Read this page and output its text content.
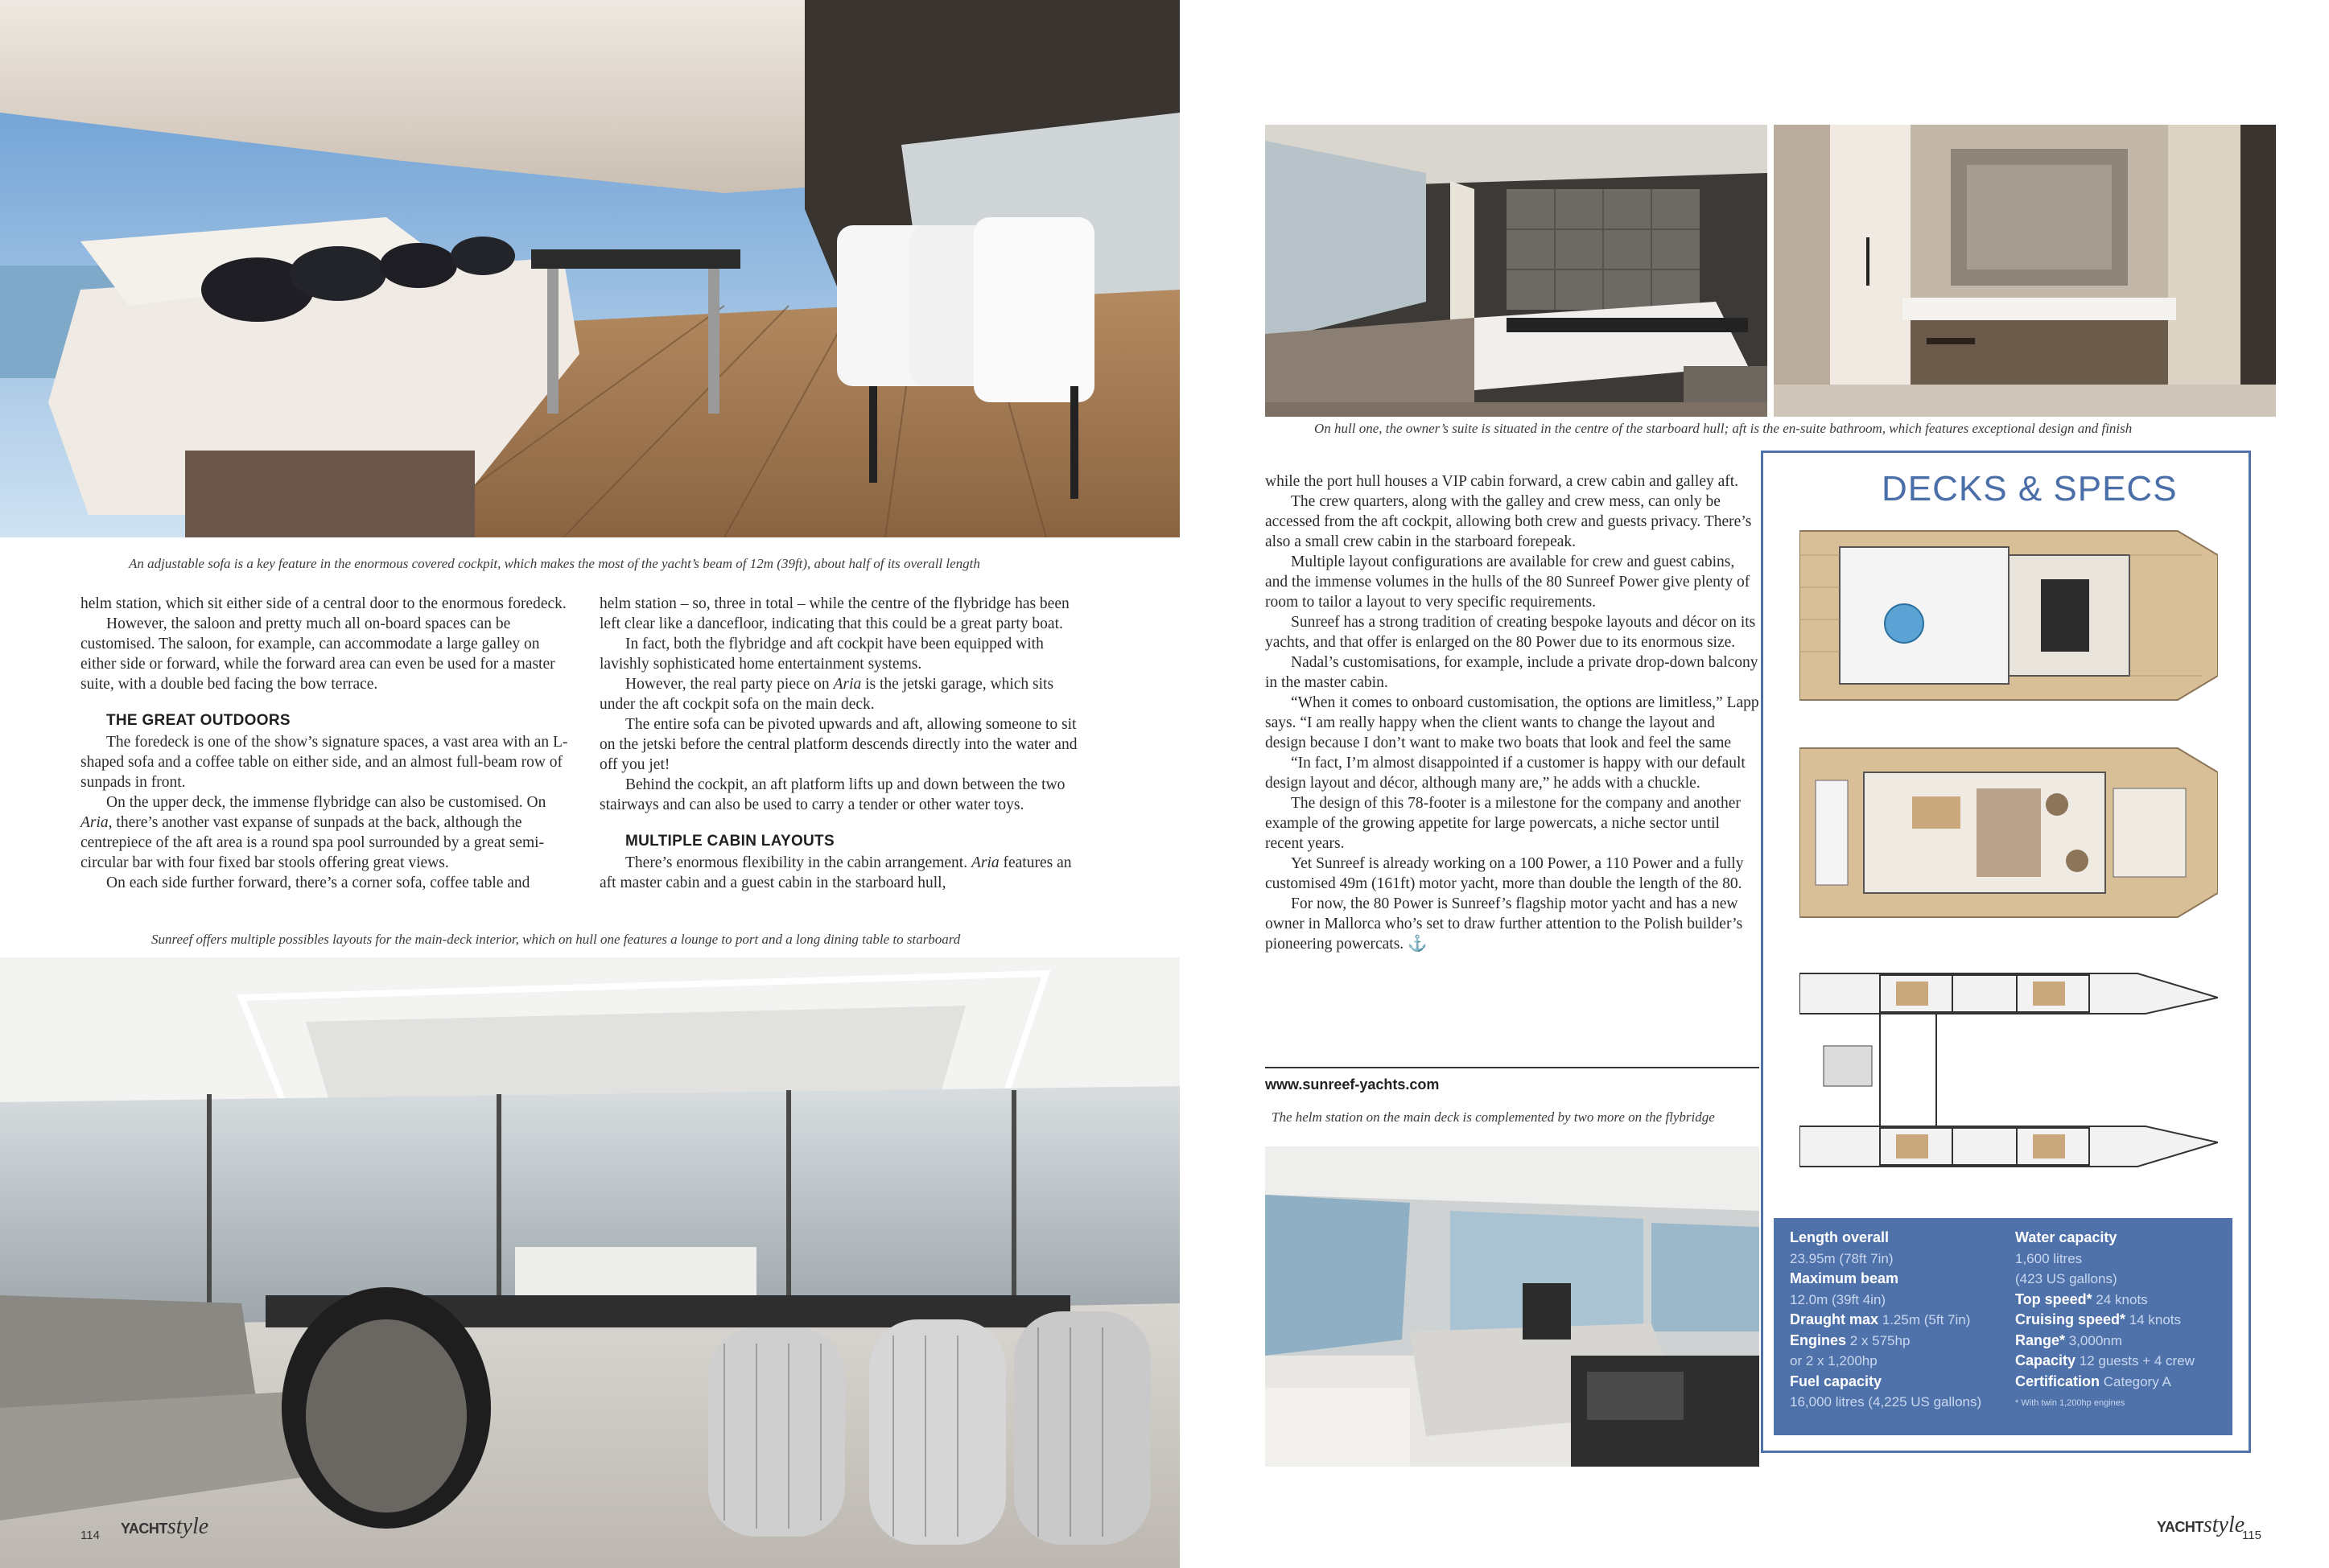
An adjustable sofa is a key feature in the enormous covered cockpit, which makes the most of the yacht’s beam of 12m (39ft), about half of its overall length

helm station, which sit either side of a central door to the enormous foredeck.

However, the saloon and pretty much all on-board spaces can be customised. The saloon, for example, can accommodate a large galley on either side or forward, while the forward area can even be used for a master suite, with a double bed facing the bow terrace.

THE GREAT OUTDOORS

The foredeck is one of the show’s signature spaces, a vast area with an L-shaped sofa and a coffee table on either side, and an almost full-beam row of sunpads in front.

On the upper deck, the immense flybridge can also be customised. On Aria, there’s another vast expanse of sunpads at the back, although the centrepiece of the aft area is a round spa pool surrounded by a great semi-circular bar with four fixed bar stools offering great views.

On each side further forward, there’s a corner sofa, coffee table and

helm station – so, three in total – while the centre of the flybridge has been left clear like a dancefloor, indicating that this could be a great party boat.

In fact, both the flybridge and aft cockpit have been equipped with lavishly sophisticated home entertainment systems.

However, the real party piece on Aria is the jetski garage, which sits under the aft cockpit sofa on the main deck.

The entire sofa can be pivoted upwards and aft, allowing someone to sit on the jetski before the central platform descends directly into the water and off you jet!

Behind the cockpit, an aft platform lifts up and down between the two stairways and can also be used to carry a tender or other water toys.

MULTIPLE CABIN LAYOUTS

There’s enormous flexibility in the cabin arrangement. Aria features an aft master cabin and a guest cabin in the starboard hull,

Sunreef offers multiple possibles layouts for the main-deck interior, which on hull one features a lounge to port and a long dining table to starboard
114 YACHTstyle
On hull one, the owner’s suite is situated in the centre of the starboard hull; aft is the en-suite bathroom, which features exceptional design and finish

while the port hull houses a VIP cabin forward, a crew cabin and galley aft.

The crew quarters, along with the galley and crew mess, can only be accessed from the aft cockpit, allowing both crew and guests privacy. There’s also a small crew cabin in the starboard forepeak.

Multiple layout configurations are available for crew and guest cabins, and the immense volumes in the hulls of the 80 Sunreef Power give plenty of room to tailor a layout to very specific requirements.

Sunreef has a strong tradition of creating bespoke layouts and décor on its yachts, and that offer is enlarged on the 80 Power due to its enormous size.

Nadal’s customisations, for example, include a private drop-down balcony in the master cabin.

“When it comes to onboard customisation, the options are limitless,” Lapp says. “I am really happy when the client wants to change the layout and design because I don’t want to make two boats that look and feel the same

“In fact, I’m almost disappointed if a customer is happy with our default design layout and décor, although many are,” he adds with a chuckle.

The design of this 78-footer is a milestone for the company and another example of the growing appetite for large powercats, a niche sector until recent years.

Yet Sunreef is already working on a 100 Power, a 110 Power and a fully customised 49m (161ft) motor yacht, more than double the length of the 80.

For now, the 80 Power is Sunreef’s flagship motor yacht and has a new owner in Mallorca who’s set to draw further attention to the Polish builder’s pioneering powercats. ⚓

www.sunreef-yachts.com
The helm station on the main deck is complemented by two more on the flybridge
DECKS & SPECS
Length overall
23.95m (78ft 7in)
Maximum beam
12.0m (39ft 4in)
Draught max 1.25m (5ft 7in)
Engines 2 x 575hp
or 2 x 1,200hp
Fuel capacity
16,000 litres (4,225 US gallons)
Water capacity
1,600 litres
(423 US gallons)
Top speed* 24 knots
Cruising speed* 14 knots
Range* 3,000nm
Capacity 12 guests + 4 crew
Certification Category A
* With twin 1,200hp engines
YACHTstyle
115
